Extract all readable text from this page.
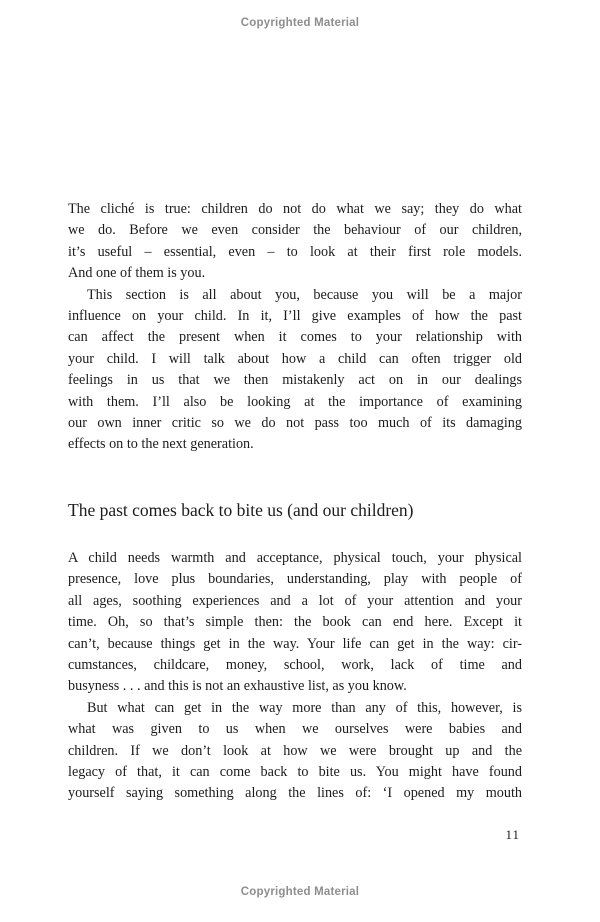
Copyrighted Material
The cliché is true: children do not do what we say; they do what
we do. Before we even consider the behaviour of our children,
it’s useful – essential, even – to look at their first role models.
And one of them is you.
This section is all about you, because you will be a major
influence on your child. In it, I’ll give examples of how the past
can affect the present when it comes to your relationship with
your child. I will talk about how a child can often trigger old
feelings in us that we then mistakenly act on in our dealings
with them. I’ll also be looking at the importance of examining
our own inner critic so we do not pass too much of its damaging
effects on to the next generation.
The past comes back to bite us (and our children)
A child needs warmth and acceptance, physical touch, your physical
presence, love plus boundaries, understanding, play with people of
all ages, soothing experiences and a lot of your attention and your
time. Oh, so that’s simple then: the book can end here. Except it
can’t, because things get in the way. Your life can get in the way: cir-
cumstances, childcare, money, school, work, lack of time and
busyness . . . and this is not an exhaustive list, as you know.
But what can get in the way more than any of this, however, is
what was given to us when we ourselves were babies and
children. If we don’t look at how we were brought up and the
legacy of that, it can come back to bite us. You might have found
yourself saying something along the lines of: ‘I opened my mouth
11
Copyrighted Material
